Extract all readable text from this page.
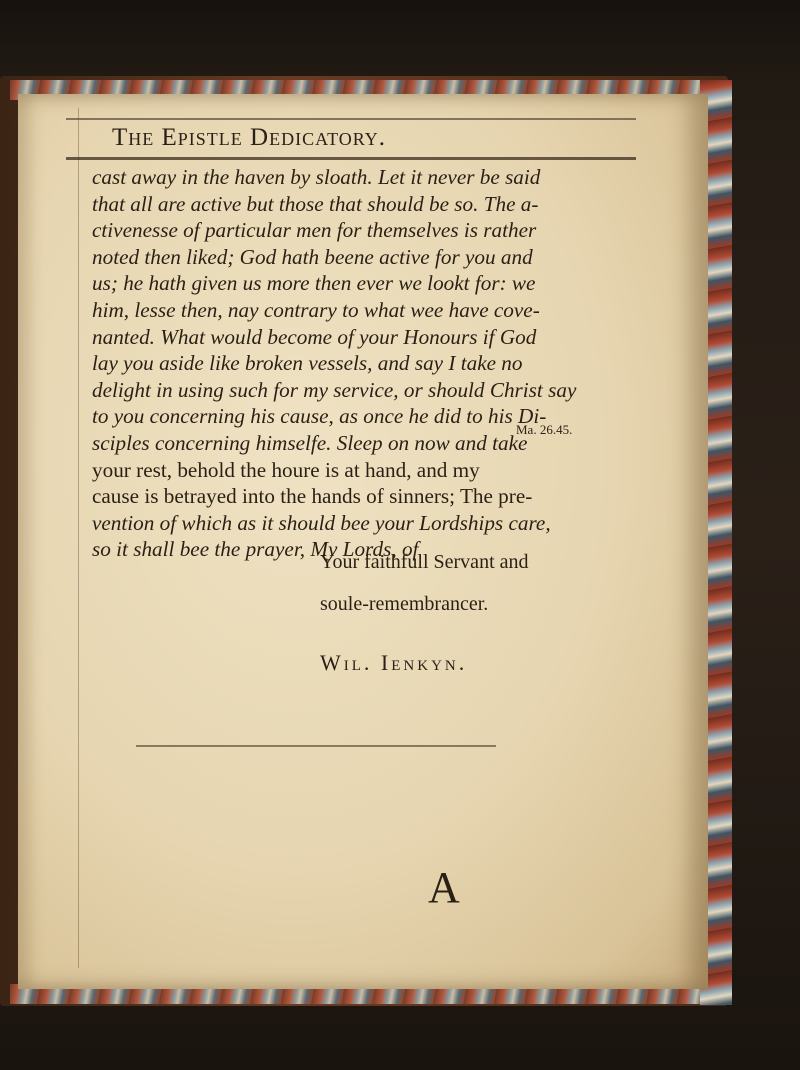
The Epistle Dedicatory.
cast away in the haven by sloath. Let it never be said
that all are active but those that should be so. The a-
ctivenesse of particular men for themselves is rather
noted then liked; God hath beene active for you and
us; he hath given us more then ever we lookt for: we
him, lesse then, nay contrary to what wee have cove-
nanted. What would become of your Honours if God
lay you aside like broken vessels, and say I take no
delight in using such for my service, or should Christ say
to you concerning his cause, as once he did to his Di-
sciples concerning himselfe. Sleep on now and take
your rest, behold the houre is at hand, and my
cause is betrayed into the hands of sinners; The pre-
vention of which as it should bee your Lordships care,
so it shall bee the prayer, My Lords, of
Ma. 26.45.
Your faithfull Servant and
soule-remembrancer.
Wil. Ienkyn.
A
